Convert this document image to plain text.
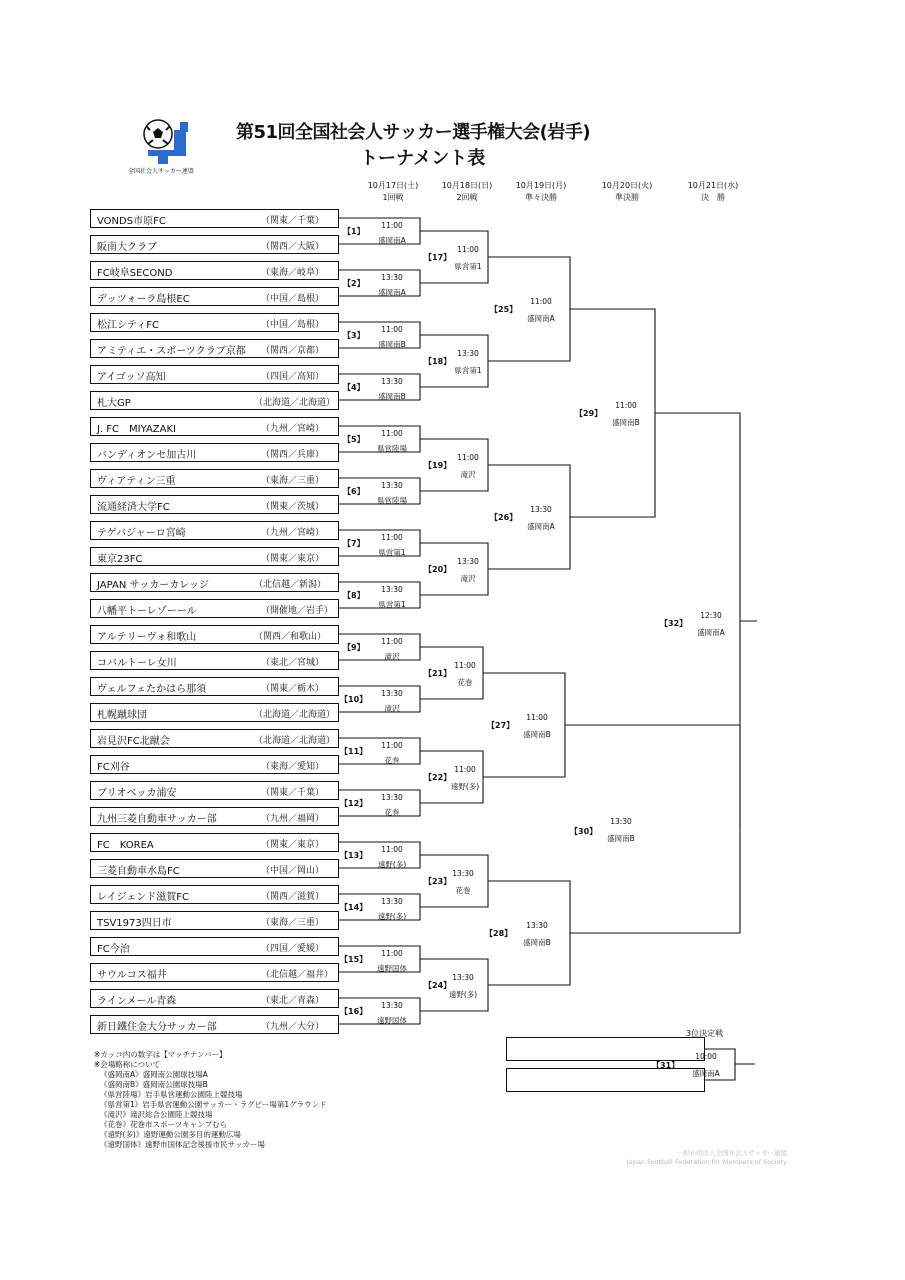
全国社会人サッカー連盟
第51回全国社会人サッカー選手権大会(岩手)
トーナメント表
10月17日(土)
1回戦
10月18日(日)
2回戦
10月19日(月)
準々決勝
10月20日(火)
準決勝
10月21日(水)
決　勝
VONDS市原FC	（関東／千葉）
阪南大クラブ	（関西／大阪）
FC岐阜SECOND	（東海／岐阜）
デッツォーラ島根EC	（中国／島根）
松江シティFC	（中国／島根）
アミティエ・スポーツクラブ京都 （関西／京都）
アイゴッソ高知	（四国／高知）
札大GP	（北海道／北海道）
J. FC　MIYAZAKI	（九州／宮崎）
バンディオンセ加古川	（関西／兵庫）
ヴィアティン三重	（東海／三重）
流通経済大学FC	（関東／茨城）
テゲバジャーロ宮崎	（九州／宮崎）
東京23FC	（関東／東京）
JAPAN サッカーカレッジ	（北信越／新潟）
八幡平トーレゾーール	（開催地／岩手）
アルテリーヴォ和歌山	（関西／和歌山）
コバルトーレ女川	（東北／宮城）
ヴェルフェたかはら那須	（関東／栃木）
札幌蹴球団	（北海道／北海道）
岩見沢FC北蹴会	（北海道／北海道）
FC刈谷	（東海／愛知）
ブリオベッカ浦安	（関東／千葉）
九州三菱自動車サッカー部	（九州／福岡）
FC　KOREA	（関東／東京）
三菱自動車水島FC	（中国／岡山）
レイジェンド滋賀FC	（関西／滋賀）
TSV1973四日市	（東海／三重）
FC今治	（四国／愛媛）
サウルコス福井	（北信越／福井）
ラインメール青森	（東北／青森）
新日鐵住金大分サッカー部	（九州／大分）
【1】
11:00
盛岡南A
【2】
13:30
盛岡南A
【3】
11:00
盛岡南B
【4】
13:30
盛岡南B
【5】
11:00
県営陸場
【6】
13:30
県営陸場
【7】
11:00
県営第1
【8】
13:30
県営第1
【9】
11:00
滝沢
【10】
13:30
滝沢
【11】
11:00
花巻
【12】
13:30
花巻
【13】
11:00
遠野(多)
【14】
13:30
遠野(多)
【15】
11:00
遠野国体
【16】
13:30
遠野国体
【17】
11:00
県営第1
【18】
13:30
県営第1
【19】
11:00
滝沢
【20】
13:30
滝沢
【21】
11:00
花巻
【22】
11:00
遠野(多)
【23】
13:30
花巻
【24】
13:30
遠野(多)
【25】
11:00
盛岡南A
【26】
13:30
盛岡南A
【27】
11:00
盛岡南B
【28】
13:30
盛岡南B
【29】
11:00
盛岡南B
【30】
13:30
盛岡南B
【32】
12:30
盛岡南A
3位決定戦
【31】
10:00
盛岡南A
※カッコ内の数字は【マッチナンバー】
※会場略称について
《盛岡南A》盛岡南公園球技場A
《盛岡南B》盛岡南公園球技場B
《県営陸場》岩手県営運動公園陸上競技場
《県営第1》岩手県営運動公園サッカー・ラグビー場第1グラウンド
《滝沢》滝沢総合公園陸上競技場
《花巻》花巻市スポーツキャンプむら
《遠野(多)》遠野運動公園多目的運動広場
《遠野国体》遠野市国体記念後援市民サッカー場
一般社団法人全国社会人サッカー連盟
Japan Football Federation for Members of Society
